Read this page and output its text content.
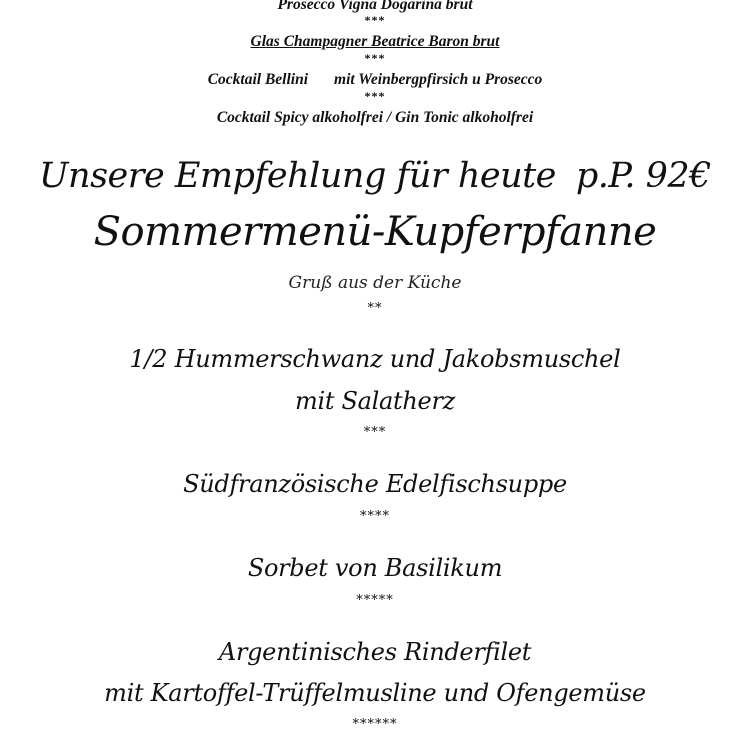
Prosecco Vigna Dogarina brut
***
Glas Champagner Beatrice Baron brut
***
Cocktail Bellini mit Weinbergpfirsich u Prosecco
***
Cocktail Spicy alkoholfrei / Gin Tonic alkoholfrei
Unsere Empfehlung für heute p.P. 92€
Sommermenü-Kupferpfanne
Gruß aus der Küche
**
1/2 Hummerschwanz und Jakobsmuschel
mit Salatherz
***
Südfranzösische Edelfischsuppe
****
Sorbet von Basilikum
*****
Argentinisches Rinderfilet
mit Kartoffel-Trüffelmusline und Ofengemüse
******
